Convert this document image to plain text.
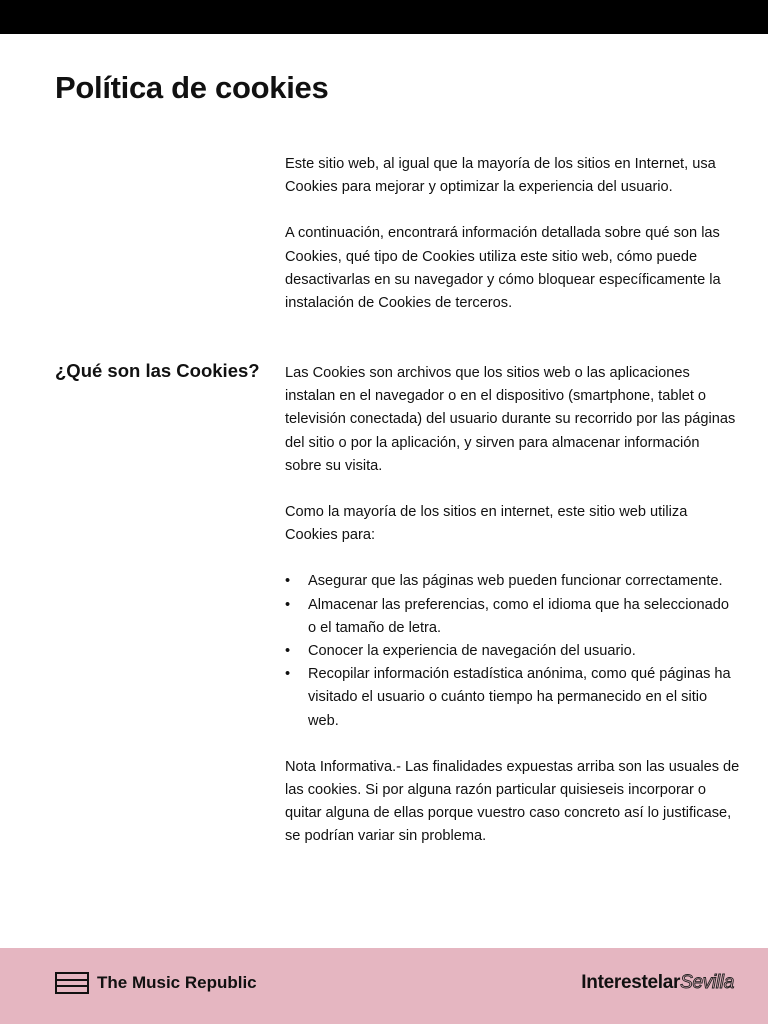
Política de cookies

Este sitio web, al igual que la mayoría de los sitios en Internet, usa Cookies para mejorar y optimizar la experiencia del usuario.

A continuación, encontrará información detallada sobre qué son las Cookies, qué tipo de Cookies utiliza este sitio web, cómo puede desactivarlas en su navegador y cómo bloquear específicamente la instalación de Cookies de terceros.

¿Qué son las Cookies? Las Cookies son archivos que los sitios web o las aplicaciones instalan en el navegador o en el dispositivo (smartphone, tablet o televisión conectada) del usuario durante su recorrido por las páginas del sitio o por la aplicación, y sirven para almacenar información sobre su visita.

Como la mayoría de los sitios en internet, este sitio web utiliza Cookies para:

• Asegurar que las páginas web pueden funcionar correctamente.
• Almacenar las preferencias, como el idioma que ha seleccionado o el tamaño de letra.
• Conocer la experiencia de navegación del usuario.
• Recopilar información estadística anónima, como qué páginas ha visitado el usuario o cuánto tiempo ha permanecido en el sitio web.

Nota Informativa.- Las finalidades expuestas arriba son las usuales de las cookies. Si por alguna razón particular quisieseis incorporar o quitar alguna de ellas porque vuestro caso concreto así lo justificase, se podrían variar sin problema.

The Music Republic	InterestelarSevilla
